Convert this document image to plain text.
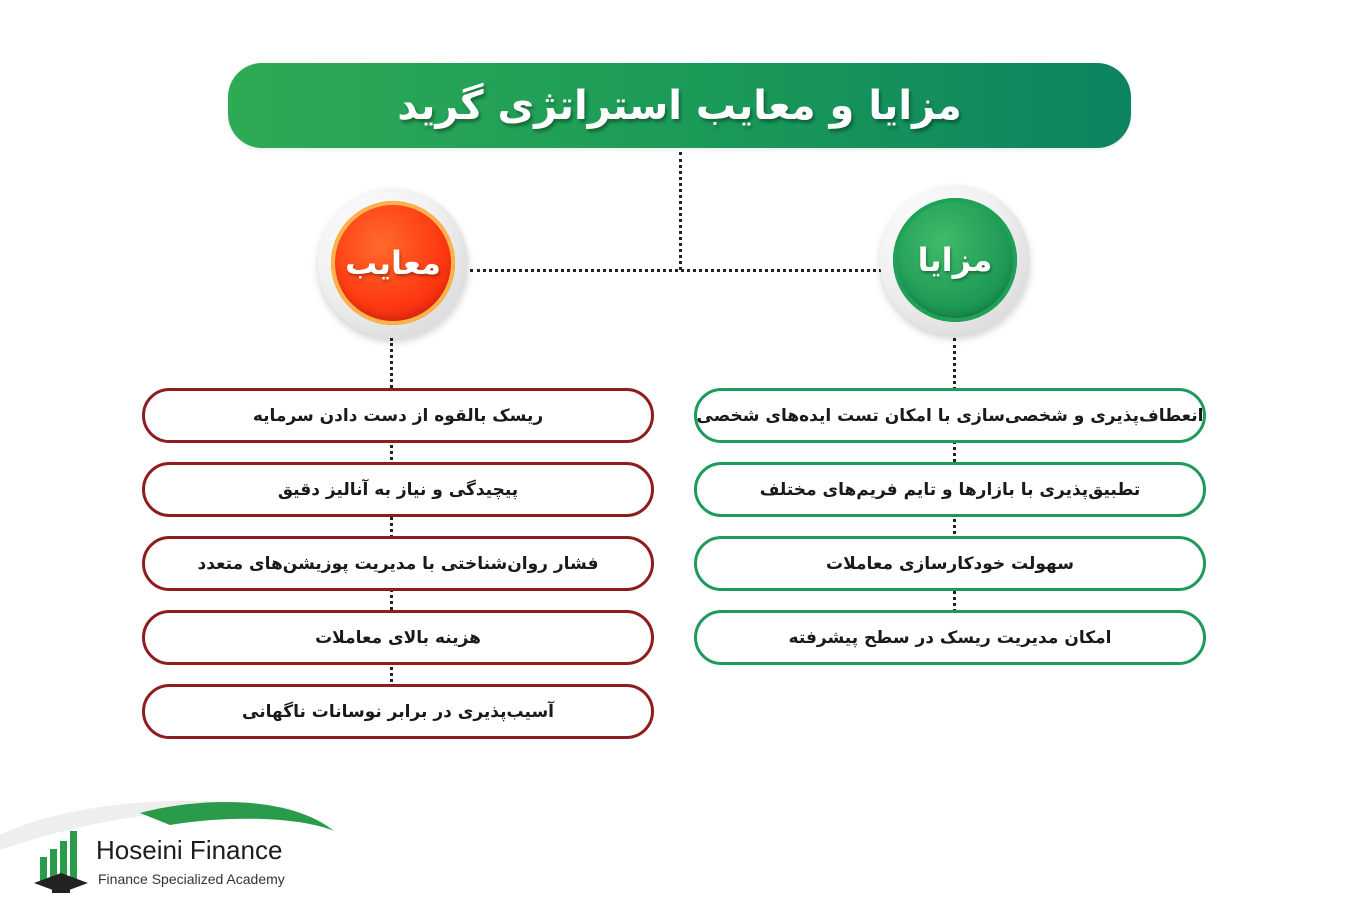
مزایا و معایب استراتژی گرید
مزایا
معایب
انعطاف‌پذیری و شخصی‌سازی با امکان تست ایده‌های شخصی
تطبیق‌پذیری با بازارها و تایم فریم‌های مختلف
سهولت خودکارسازی معاملات
امکان مدیریت ریسک در سطح پیشرفته
ریسک بالقوه از دست دادن سرمایه
پیچیدگی و نیاز به آنالیز دقیق
فشار روان‌شناختی با مدیریت پوزیشن‌های متعدد
هزینه بالای معاملات
آسیب‌پذیری در برابر نوسانات ناگهانی
Hoseini Finance
Finance Specialized Academy
